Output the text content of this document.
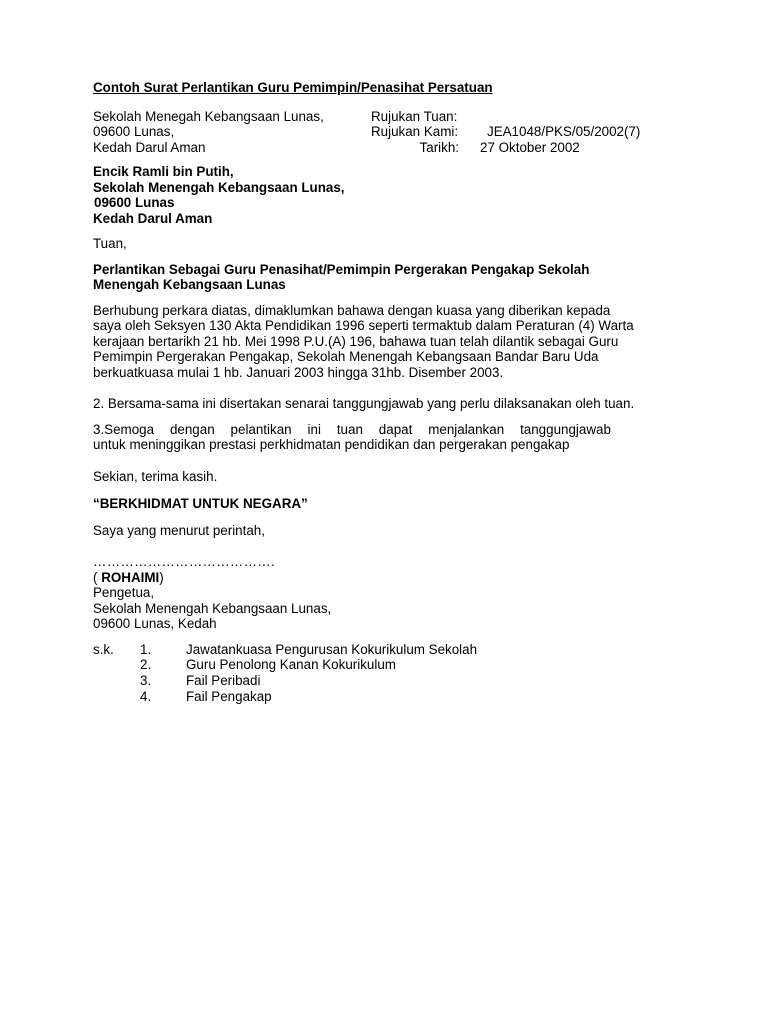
Contoh Surat Perlantikan Guru Pemimpin/Penasihat Persatuan
Sekolah Menegah Kebangsaan Lunas,	Rujukan Tuan:
09600 Lunas,	Rujukan Kami: JEA1048/PKS/05/2002(7)
Kedah Darul Aman	Tarikh: 27 Oktober 2002
Encik Ramli bin Putih,
Sekolah Menengah Kebangsaan Lunas,
09600 Lunas
Kedah Darul Aman
Tuan,
Perlantikan Sebagai Guru Penasihat/Pemimpin Pergerakan Pengakap Sekolah
Menengah Kebangsaan Lunas
Berhubung perkara diatas, dimaklumkan bahawa dengan kuasa yang diberikan kepada
saya oleh Seksyen 130 Akta Pendidikan 1996 seperti termaktub dalam Peraturan (4) Warta
kerajaan bertarikh 21 hb. Mei 1998 P.U.(A) 196, bahawa tuan telah dilantik sebagai Guru
Pemimpin Pergerakan Pengakap, Sekolah Menengah Kebangsaan Bandar Baru Uda
berkuatkuasa mulai 1 hb. Januari 2003 hingga 31hb. Disember 2003.
2. Bersama-sama ini disertakan senarai tanggungjawab yang perlu dilaksanakan oleh tuan.
3.Semoga dengan pelantikan ini tuan dapat menjalankan tanggungjawab
untuk meninggikan prestasi perkhidmatan pendidikan dan pergerakan pengakap
Sekian, terima kasih.
“BERKHIDMAT UNTUK NEGARA”
Saya yang menurut perintah,
………………………………….
( ROHAIMI)
Pengetua,
Sekolah Menengah Kebangsaan Lunas,
09600 Lunas, Kedah
s.k. 1.	Jawatankuasa Pengurusan Kokurikulum Sekolah
2.	Guru Penolong Kanan Kokurikulum
3.	Fail Peribadi
4.	Fail Pengakap
